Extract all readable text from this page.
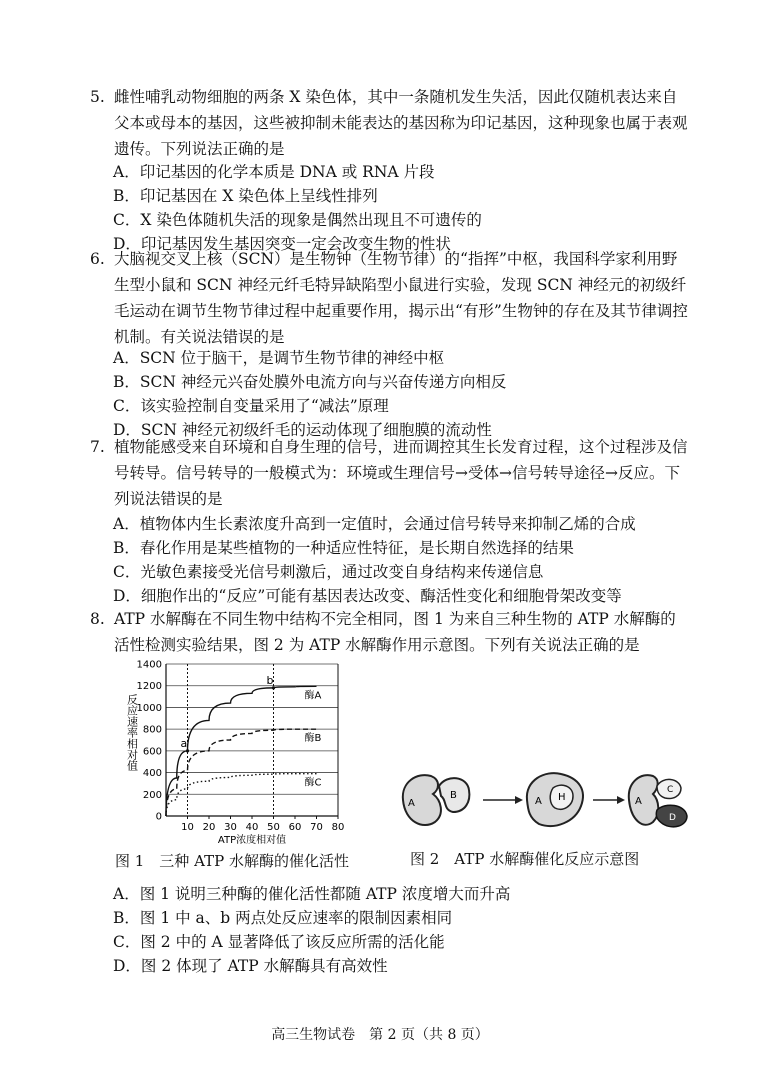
5. 雌性哺乳动物细胞的两条 X 染色体，其中一条随机发生失活，因此仅随机表达来自父本或母本的基因，这些被抑制未能表达的基因称为印记基因，这种现象也属于表观遗传。下列说法正确的是
A．印记基因的化学本质是 DNA 或 RNA 片段
B．印记基因在 X 染色体上呈线性排列
C．X 染色体随机失活的现象是偶然出现且不可遗传的
D．印记基因发生基因突变一定会改变生物的性状
6. 大脑视交叉上核（SCN）是生物钟（生物节律）的“指挥”中枢，我国科学家利用野生型小鼠和 SCN 神经元纤毛特异缺陷型小鼠进行实验，发现 SCN 神经元的初级纤毛运动在调节生物节律过程中起重要作用，揭示出“有形”生物钟的存在及其节律调控机制。有关说法错误的是
A．SCN 位于脑干，是调节生物节律的神经中枢
B．SCN 神经元兴奋处膜外电流方向与兴奋传递方向相反
C．该实验控制自变量采用了“减法”原理
D．SCN 神经元初级纤毛的运动体现了细胞膜的流动性
7. 植物能感受来自环境和自身生理的信号，进而调控其生长发育过程，这个过程涉及信号转导。信号转导的一般模式为：环境或生理信号→受体→信号转导途径→反应。下列说法错误的是
A．植物体内生长素浓度升高到一定值时，会通过信号转导来抑制乙烯的合成
B．春化作用是某些植物的一种适应性特征，是长期自然选择的结果
C．光敏色素接受光信号刺激后，通过改变自身结构来传递信息
D．细胞作出的“反应”可能有基因表达改变、酶活性变化和细胞骨架改变等
8. ATP 水解酶在不同生物中结构不完全相同，图 1 为来自三种生物的 ATP 水解酶的活性检测实验结果，图 2 为 ATP 水解酶作用示意图。下列有关说法正确的是
0
200
400
600
800
1000
1200
1400
10 20 30 40 50 60 70 80
ATP浓度相对值
反应速率相对值	酶A
酶B
酶C
a
b
图 1　三种 ATP 水解酶的催化活性
A
B
A H	A
C
D
图 2　ATP 水解酶催化反应示意图
A．图 1 说明三种酶的催化活性都随 ATP 浓度增大而升高
B．图 1 中 a、b 两点处反应速率的限制因素相同
C．图 2 中的 A 显著降低了该反应所需的活化能
D．图 2 体现了 ATP 水解酶具有高效性
高三生物试卷　第 2 页（共 8 页）
